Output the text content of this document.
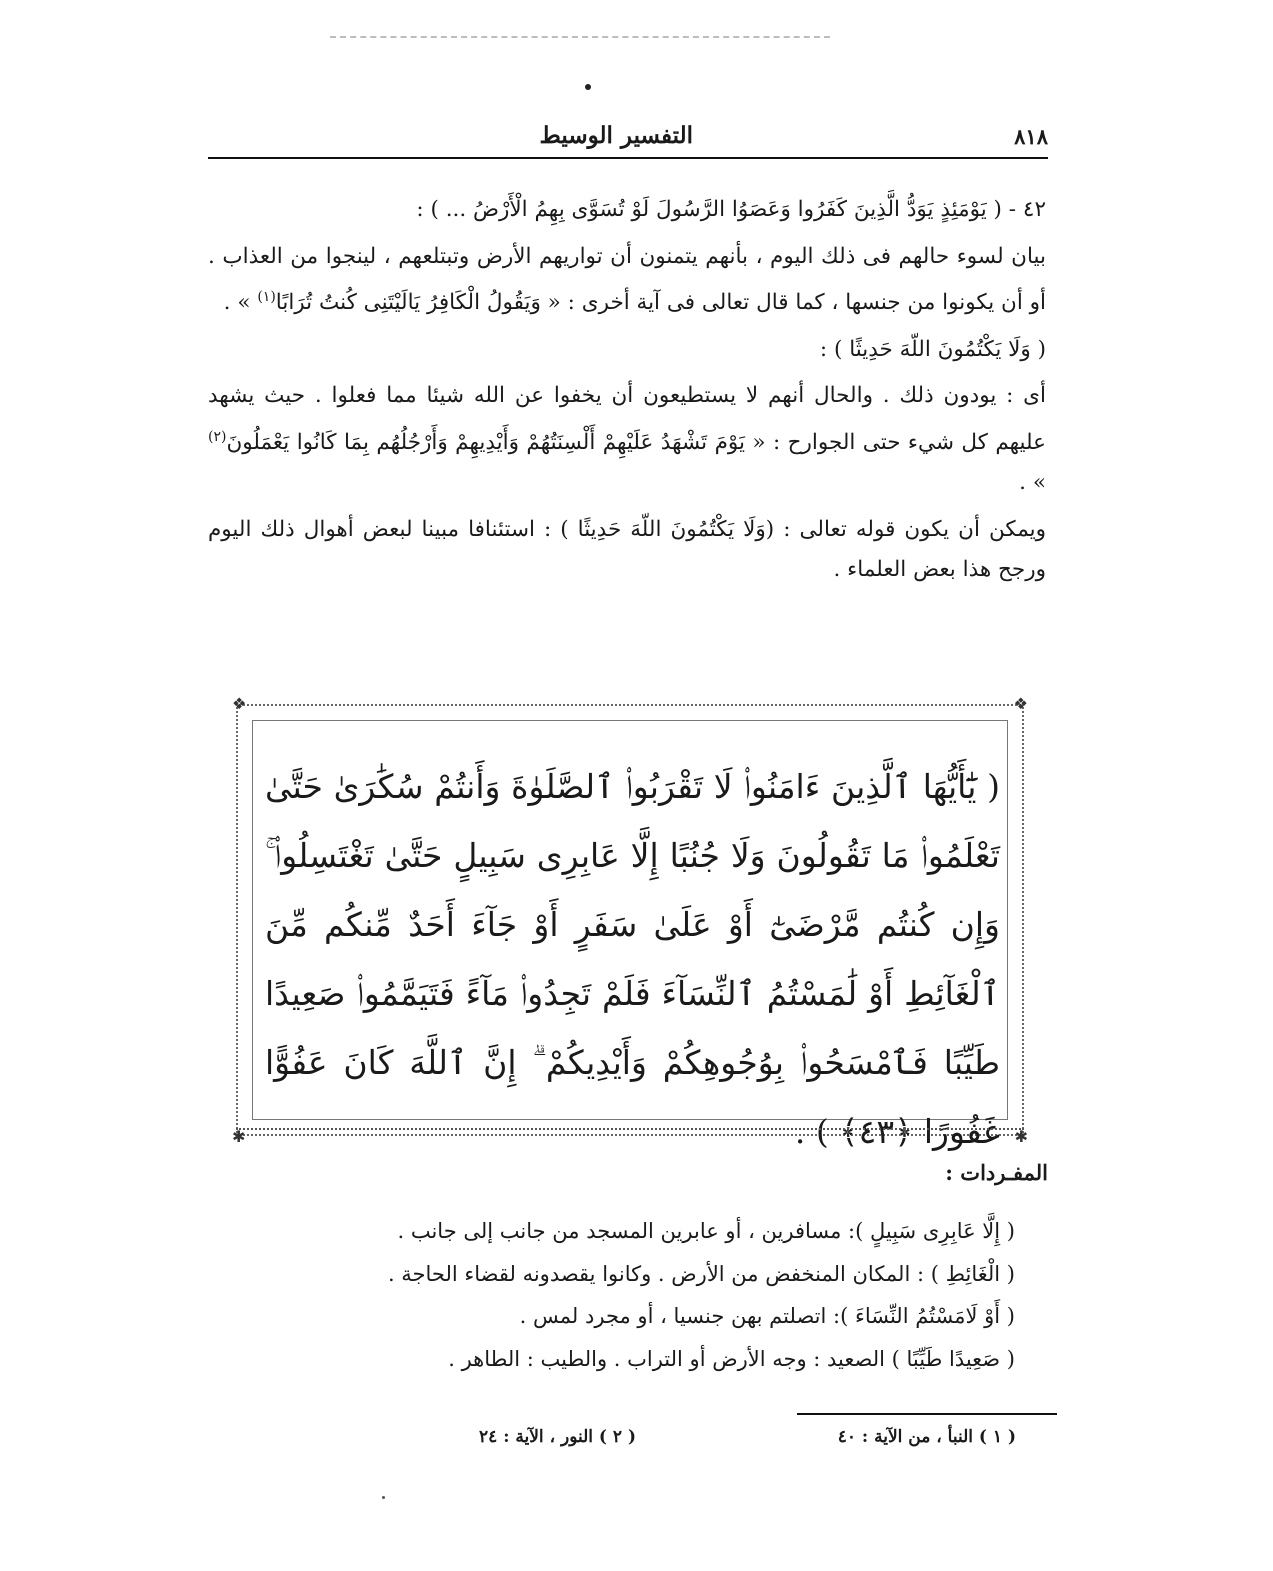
٨١٨
التفسير الوسيط

٤٢ - ( يَوْمَئِذٍ يَوَدُّ الَّذِينَ كَفَرُوا وَعَصَوُا الرَّسُولَ لَوْ تُسَوَّى بِهِمُ الْأَرْضُ ... ) :

بيان لسوء حالهم فى ذلك اليوم ، بأنهم يتمنون أن تواريهم الأرض وتبتلعهم ، لينجوا من العذاب . أو أن يكونوا من جنسها ، كما قال تعالى فى آية أخرى : « وَيَقُولُ الْكَافِرُ يَالَيْتَنِى كُنتُ تُرَابًا$^{(١)}$ » .

( وَلَا يَكْتُمُونَ اللّهَ حَدِيثًا ) :

أى : يودون ذلك . والحال أنهم لا يستطيعون أن يخفوا عن الله شيئا مما فعلوا . حيث يشهد عليهم كل شيء حتى الجوارح : « يَوْمَ تَشْهَدُ عَلَيْهِمْ أَلْسِنَتُهُمْ وَأَيْدِيهِمْ وَأَرْجُلُهُم بِمَا كَانُوا يَعْمَلُونَ$^{(٢)}$ » .

ويمكن أن يكون قوله تعالى : (وَلَا يَكْتُمُونَ اللّهَ حَدِيثًا ) : استئنافا مبينا لبعض أهوال ذلك اليوم ورجح هذا بعض العلماء .

❖	❖
✱	✱
( يَٰٓأَيُّهَا ٱلَّذِينَ ءَامَنُوا۟ لَا تَقْرَبُوا۟ ٱلصَّلَوٰةَ وَأَنتُمْ سُكَٰرَىٰ حَتَّىٰ تَعْلَمُوا۟ مَا تَقُولُونَ وَلَا جُنُبًا إِلَّا عَابِرِى سَبِيلٍ حَتَّىٰ تَغْتَسِلُوا۟ ۚ وَإِن كُنتُم مَّرْضَىٰٓ أَوْ عَلَىٰ سَفَرٍ أَوْ جَآءَ أَحَدٌ مِّنكُم مِّنَ ٱلْغَآئِطِ أَوْ لَٰمَسْتُمُ ٱلنِّسَآءَ فَلَمْ تَجِدُوا۟ مَآءً فَتَيَمَّمُوا۟ صَعِيدًا طَيِّبًا فَٱمْسَحُوا۟ بِوُجُوهِكُمْ وَأَيْدِيكُمْ ۗ إِنَّ ٱللَّهَ كَانَ عَفُوًّا غَفُورًا ﴿٤٣﴾ ) .
المفـردات :
( إِلَّا عَابِرِى سَبِيلٍ ): مسافرين ، أو عابرين المسجد من جانب إلى جانب .
( الْغَائِطِ ) : المكان المنخفض من الأرض . وكانوا يقصدونه لقضاء الحاجة .
( أَوْ لَامَسْتُمُ النِّسَاءَ ): اتصلتم بهن جنسيا ، أو مجرد لمس .
( صَعِيدًا طَيِّبًا ) الصعيد : وجه الأرض أو التراب . والطيب : الطاهر .
( ١ ) النبأ ، من الآية : ٤٠
( ٢ ) النور ، الآية : ٢٤
